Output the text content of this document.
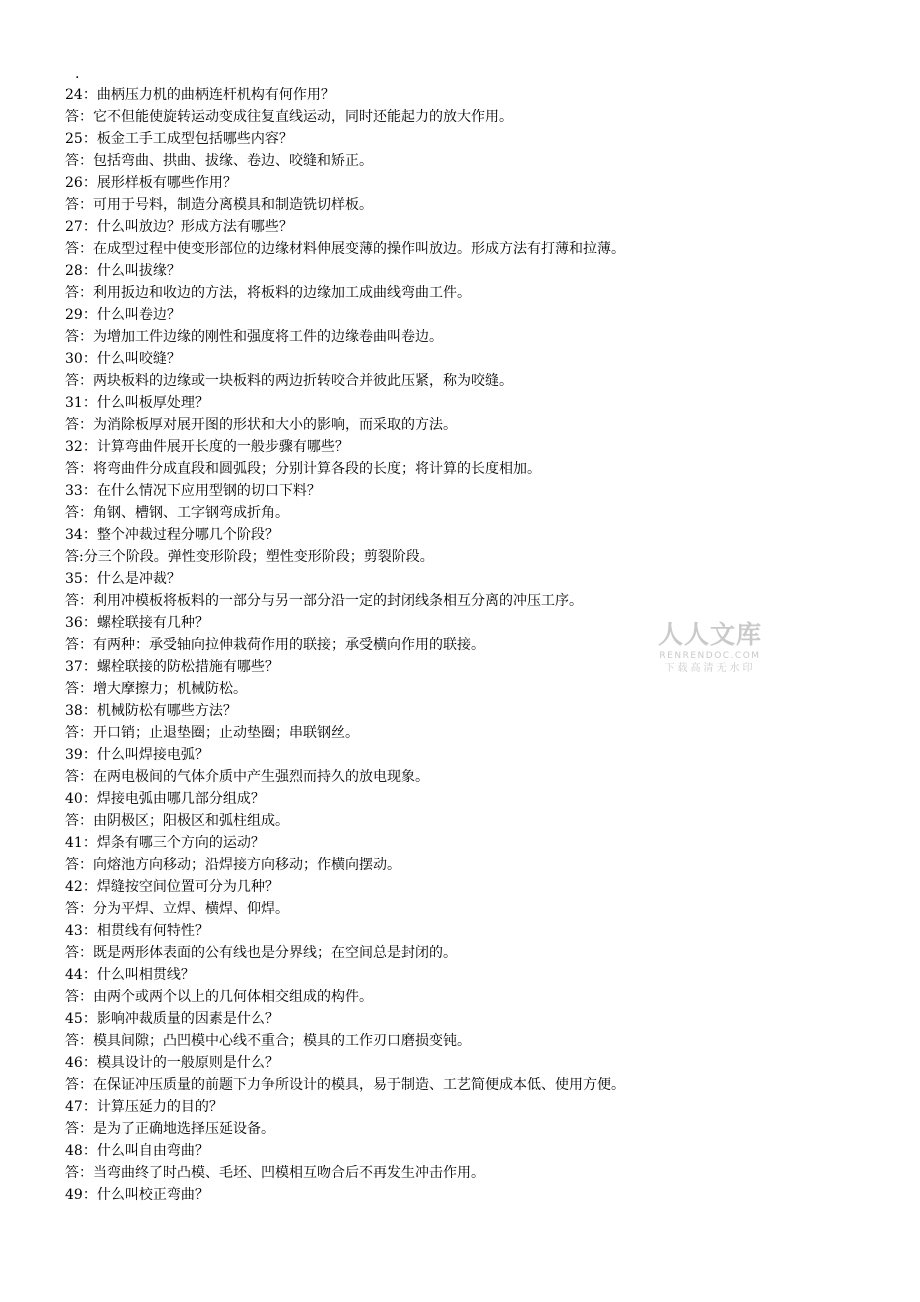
.
24：曲柄压力机的曲柄连杆机构有何作用？
答：它不但能使旋转运动变成往复直线运动，同时还能起力的放大作用。
25：板金工手工成型包括哪些内容？
答：包括弯曲、拱曲、拔缘、卷边、咬缝和矫正。
26：展形样板有哪些作用？
答：可用于号料，制造分离模具和制造铣切样板。
27：什么叫放边？形成方法有哪些？
答：在成型过程中使变形部位的边缘材料伸展变薄的操作叫放边。形成方法有打薄和拉薄。
28：什么叫拔缘？
答：利用扳边和收边的方法，将板料的边缘加工成曲线弯曲工件。
29：什么叫卷边？
答：为增加工件边缘的刚性和强度将工件的边缘卷曲叫卷边。
30：什么叫咬缝？
答：两块板料的边缘或一块板料的两边折转咬合并彼此压紧，称为咬缝。
31：什么叫板厚处理？
答：为消除板厚对展开图的形状和大小的影响，而采取的方法。
32：计算弯曲件展开长度的一般步骤有哪些？
答：将弯曲件分成直段和圆弧段；分别计算各段的长度；将计算的长度相加。
33：在什么情况下应用型钢的切口下料？
答：角钢、槽钢、工字钢弯成折角。
34：整个冲裁过程分哪几个阶段？
答:分三个阶段。弹性变形阶段；塑性变形阶段；剪裂阶段。
35：什么是冲裁？
答：利用冲模板将板料的一部分与另一部分沿一定的封闭线条相互分离的冲压工序。
36：螺栓联接有几种？
答：有两种：承受轴向拉伸栽荷作用的联接；承受横向作用的联接。
37：螺栓联接的防松措施有哪些？
答：增大摩擦力；机械防松。
38：机械防松有哪些方法？
答：开口销；止退垫圈；止动垫圈；串联钢丝。
39：什么叫焊接电弧？
答：在两电极间的气体介质中产生强烈而持久的放电现象。
40：焊接电弧由哪几部分组成？
答：由阴极区；阳极区和弧柱组成。
41：焊条有哪三个方向的运动？
答：向熔池方向移动；沿焊接方向移动；作横向摆动。
42：焊缝按空间位置可分为几种？
答：分为平焊、立焊、横焊、仰焊。
43：相贯线有何特性？
答：既是两形体表面的公有线也是分界线；在空间总是封闭的。
44：什么叫相贯线？
答：由两个或两个以上的几何体相交组成的构件。
45：影响冲裁质量的因素是什么？
答：模具间隙；凸凹模中心线不重合；模具的工作刃口磨损变钝。
46：模具设计的一般原则是什么？
答：在保证冲压质量的前题下力争所设计的模具，易于制造、工艺简便成本低、使用方便。
47：计算压延力的目的？
答：是为了正确地选择压延设备。
48：什么叫自由弯曲？
答：当弯曲终了时凸模、毛坯、凹模相互吻合后不再发生冲击作用。
49：什么叫校正弯曲？
人人文库
RENRENDOC.COM
下载高清无水印
